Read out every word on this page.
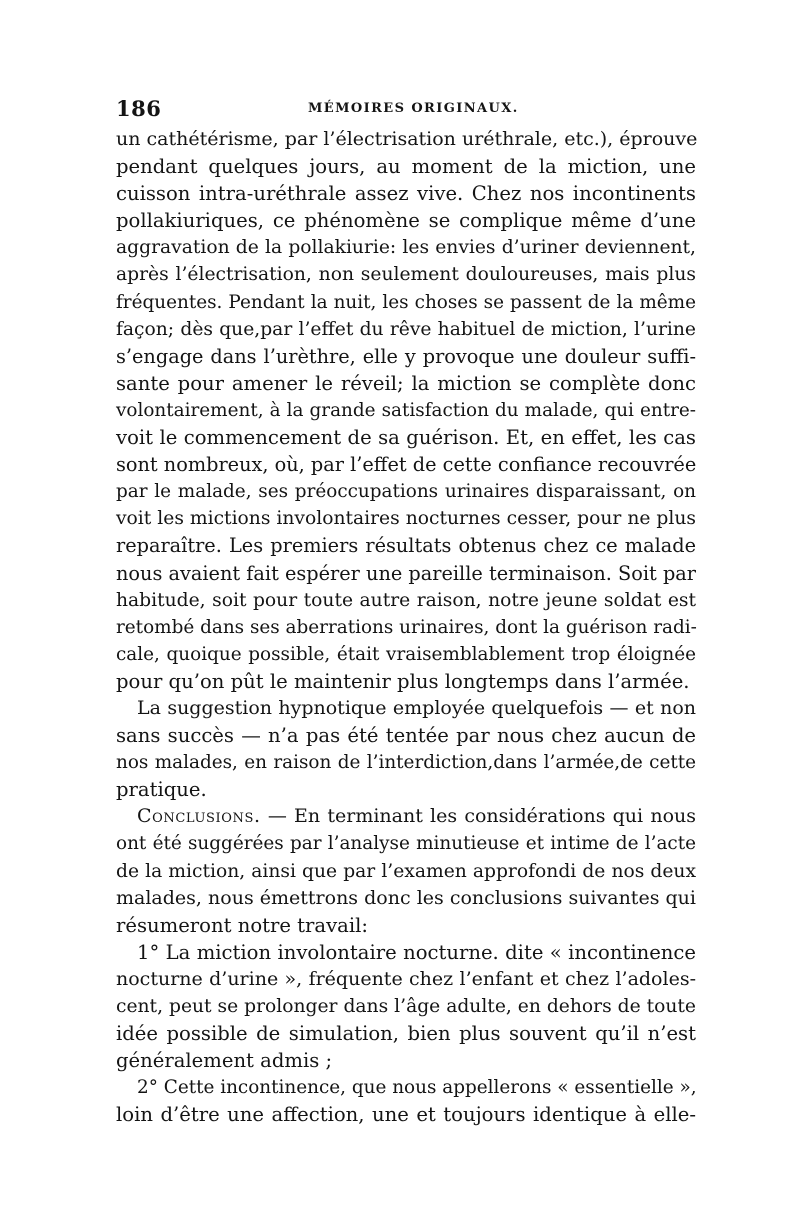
186	MÉMOIRES ORIGINAUX.
un cathétérisme, par l’électrisation uréthrale, etc.), éprouve
pendant quelques jours, au moment de la miction, une
cuisson intra-uréthrale assez vive. Chez nos incontinents
pollakiuriques, ce phénomène se complique même d’une
aggravation de la pollakiurie: les envies d’uriner deviennent,
après l’électrisation, non seulement douloureuses, mais plus
fréquentes. Pendant la nuit, les choses se passent de la même
façon; dès que,par l’effet du rêve habituel de miction, l’urine
s’engage dans l’urèthre, elle y provoque une douleur suffi-
sante pour amener le réveil; la miction se complète donc
volontairement, à la grande satisfaction du malade, qui entre-
voit le commencement de sa guérison. Et, en effet, les cas
sont nombreux, où, par l’effet de cette confiance recouvrée
par le malade, ses préoccupations urinaires disparaissant, on
voit les mictions involontaires nocturnes cesser, pour ne plus
reparaître. Les premiers résultats obtenus chez ce malade
nous avaient fait espérer une pareille terminaison. Soit par
habitude, soit pour toute autre raison, notre jeune soldat est
retombé dans ses aberrations urinaires, dont la guérison radi-
cale, quoique possible, était vraisemblablement trop éloignée
pour qu’on pût le maintenir plus longtemps dans l’armée.
La suggestion hypnotique employée quelquefois — et non
sans succès — n’a pas été tentée par nous chez aucun de
nos malades, en raison de l’interdiction,dans l’armée,de cette
pratique.
Conclusions. — En terminant les considérations qui nous
ont été suggérées par l’analyse minutieuse et intime de l’acte
de la miction, ainsi que par l’examen approfondi de nos deux
malades, nous émettrons donc les conclusions suivantes qui
résumeront notre travail:
1° La miction involontaire nocturne. dite « incontinence
nocturne d’urine », fréquente chez l’enfant et chez l’adoles-
cent, peut se prolonger dans l’âge adulte, en dehors de toute
idée possible de simulation, bien plus souvent qu’il n’est
généralement admis ;
2° Cette incontinence, que nous appellerons « essentielle »,
loin d’être une affection, une et toujours identique à elle-
